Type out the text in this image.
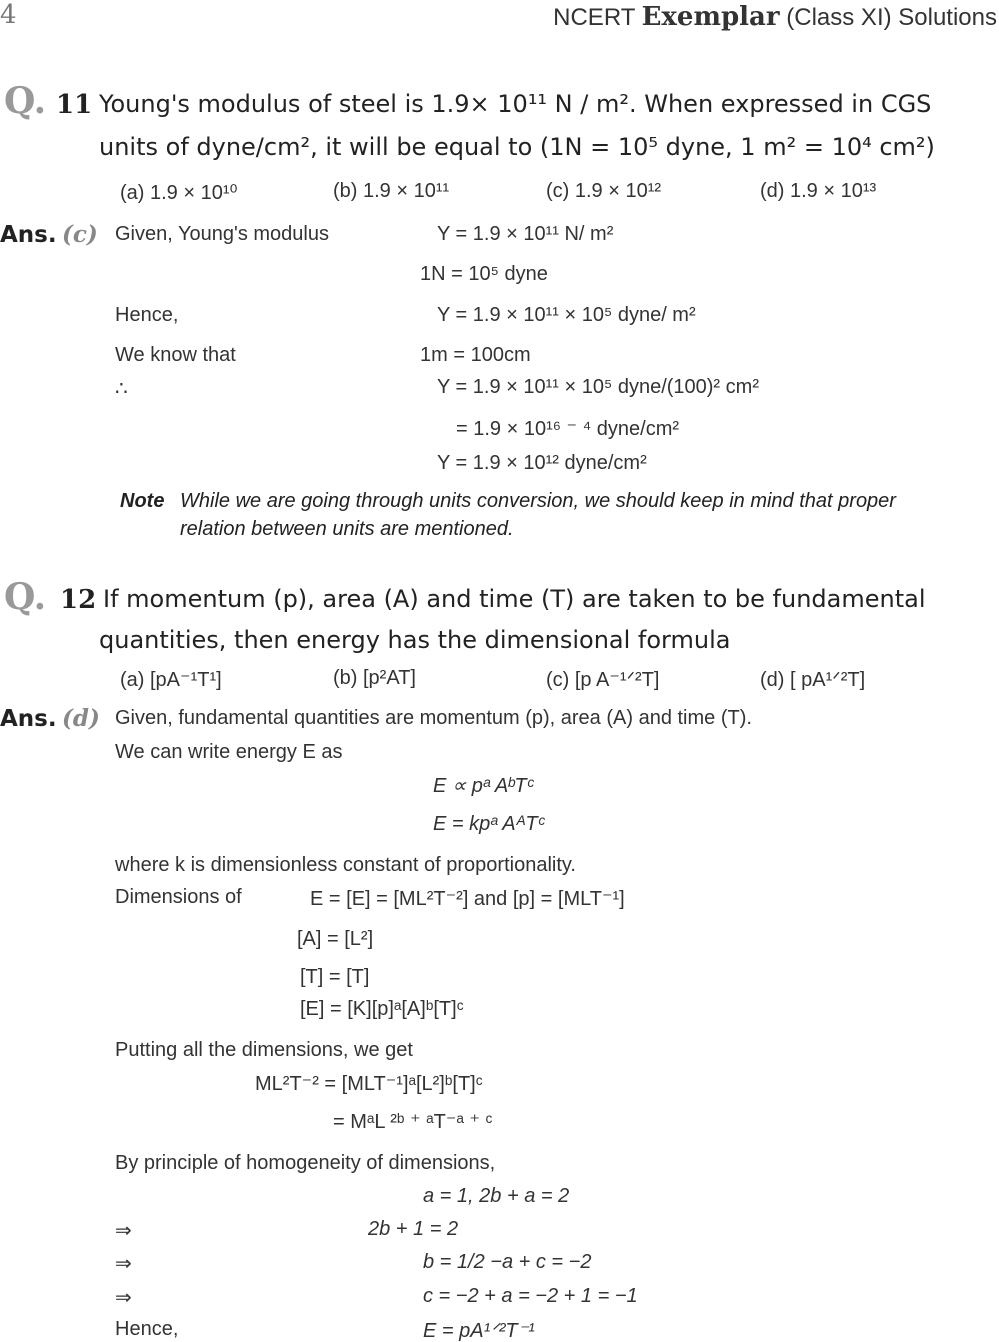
4	NCERT Exemplar (Class XI) Solutions
Q. 11 Young's modulus of steel is 1.9× 10¹¹ N / m². When expressed in CGS
units of dyne/cm², it will be equal to (1N = 10⁵ dyne, 1 m² = 10⁴ cm²)
(a) 1.9 × 10¹⁰	(b) 1.9 × 10¹¹	(c) 1.9 × 10¹²	(d) 1.9 × 10¹³
Ans. (c) Given, Young's modulus	Y = 1.9 × 10¹¹ N/ m²
1N = 10⁵ dyne
Hence,	Y = 1.9 × 10¹¹ × 10⁵ dyne/ m²
We know that	1m = 100cm
∴	Y = 1.9 × 10¹¹ × 10⁵ dyne/(100)² cm²
= 1.9 × 10¹⁶ ⁻ ⁴ dyne/cm²
Y = 1.9 × 10¹² dyne/cm²
Note While we are going through units conversion, we should keep in mind that proper
relation between units are mentioned.
Q. 12 If momentum (p), area (A) and time (T) are taken to be fundamental
quantities, then energy has the dimensional formula
(a) [pA⁻¹T¹]	(b) [p²AT]	(c) [p A⁻¹ᐟ²T]	(d) [ pA¹ᐟ²T]
Ans. (d) Given, fundamental quantities are momentum (p), area (A) and time (T).
We can write energy E as
E ∝ pᵃ AᵇTᶜ
E = kpᵃ AᴬTᶜ
where k is dimensionless constant of proportionality.
Dimensions of	E = [E] = [ML²T⁻²] and [p] = [MLT⁻¹]
[A] = [L²]
[T] = [T]
[E] = [K][p]ᵃ[A]ᵇ[T]ᶜ
Putting all the dimensions, we get
ML²T⁻² = [MLT⁻¹]ᵃ[L²]ᵇ[T]ᶜ
= MᵃL ²ᵇ ⁺ ᵃT⁻ᵃ ⁺ ᶜ
By principle of homogeneity of dimensions,
a = 1, 2b + a = 2
⇒	2b + 1 = 2
⇒	b = 1/2 −a + c = −2
⇒	c = −2 + a = −2 + 1 = −1
Hence,	E = pA¹ᐟ²T⁻¹
